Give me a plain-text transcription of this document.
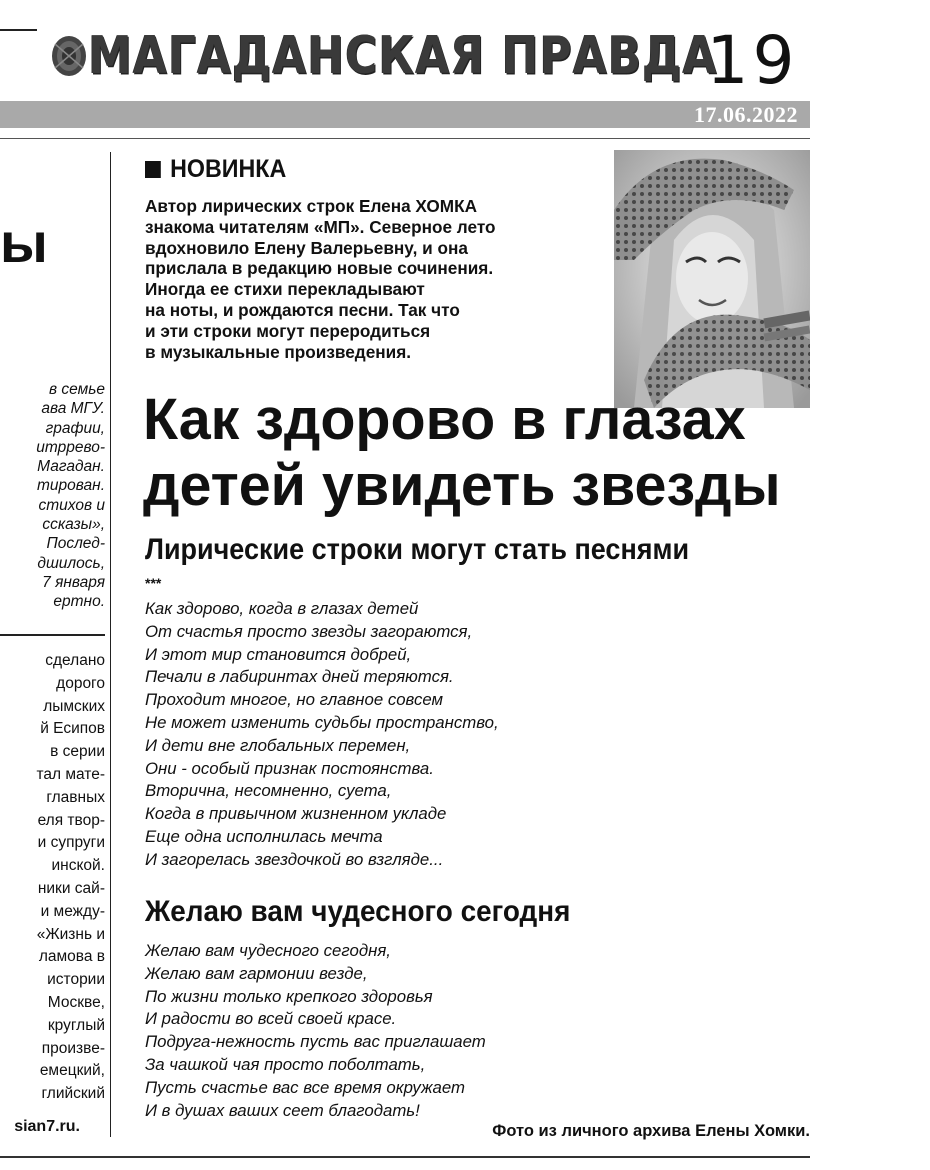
МАГАДАНСКАЯ ПРАВДА
19
17.06.2022
ы
в семье
ава МГУ.
графии,
итррево-
Магадан.
тирован.
стихов и
ссказы»,
Послед-
дшилось,
7 января
ертно.
сделано
дорого
лымских
й Есипов
в серии
тал мате-
главных
еля твор-
и супруги
инской.
ники сай-
и между-
«Жизнь и
ламова в
истории
Москве,
круглый
произве-
емецкий,
глийский
sian7.ru.
НОВИНКА
Автор лирических строк Елена ХОМКА
знакома читателям «МП». Северное лето
вдохновило Елену Валерьевну, и она
прислала в редакцию новые сочинения.
Иногда ее стихи перекладывают
на ноты, и рождаются песни. Так что
и эти строки могут переродиться
в музыкальные произведения.
Как здорово в глазах
детей увидеть звезды
Лирические строки могут стать песнями
***
Как здорово, когда в глазах детей
От счастья просто звезды загораются,
И этот мир становится добрей,
Печали в лабиринтах дней теряются.
Проходит многое, но главное совсем
Не может изменить судьбы пространство,
И дети вне глобальных перемен,
Они - особый признак постоянства.
Вторична, несомненно, суета,
Когда в привычном жизненном укладе
Еще одна исполнилась мечта
И загорелась звездочкой во взгляде...
Желаю вам чудесного сегодня
Желаю вам чудесного сегодня,
Желаю вам гармонии везде,
По жизни только крепкого здоровья
И радости во всей своей красе.
Подруга-нежность пусть вас приглашает
За чашкой чая просто поболтать,
Пусть счастье вас все время окружает
И в душах ваших сеет благодать!
Фото из личного архива Елены Хомки.
